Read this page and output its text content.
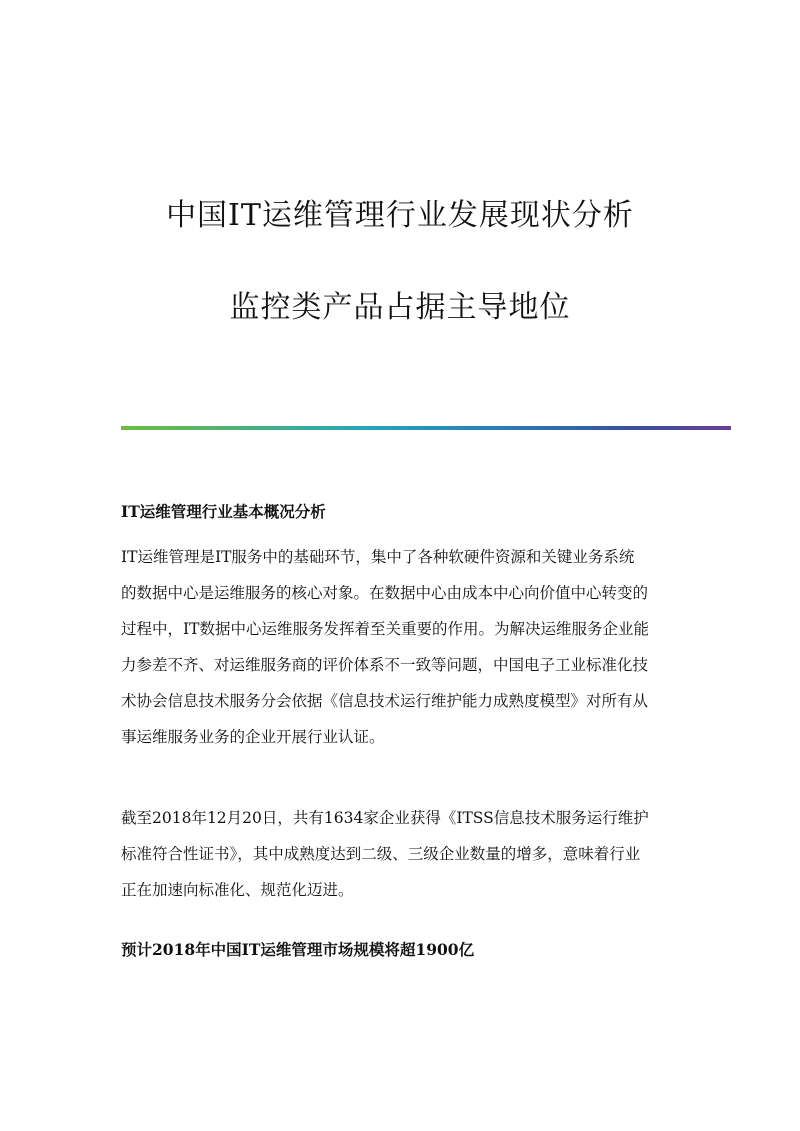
中国IT运维管理行业发展现状分析
监控类产品占据主导地位
IT运维管理行业基本概况分析

IT运维管理是IT服务中的基础环节，集中了各种软硬件资源和关键业务系统
的数据中心是运维服务的核心对象。在数据中心由成本中心向价值中心转变的
过程中，IT数据中心运维服务发挥着至关重要的作用。为解决运维服务企业能
力参差不齐、对运维服务商的评价体系不一致等问题，中国电子工业标准化技
术协会信息技术服务分会依据《信息技术运行维护能力成熟度模型》对所有从
事运维服务业务的企业开展行业认证。

截至2018年12月20日，共有1634家企业获得《ITSS信息技术服务运行维护
标准符合性证书》，其中成熟度达到二级、三级企业数量的增多，意味着行业
正在加速向标准化、规范化迈进。

预计2018年中国IT运维管理市场规模将超1900亿
